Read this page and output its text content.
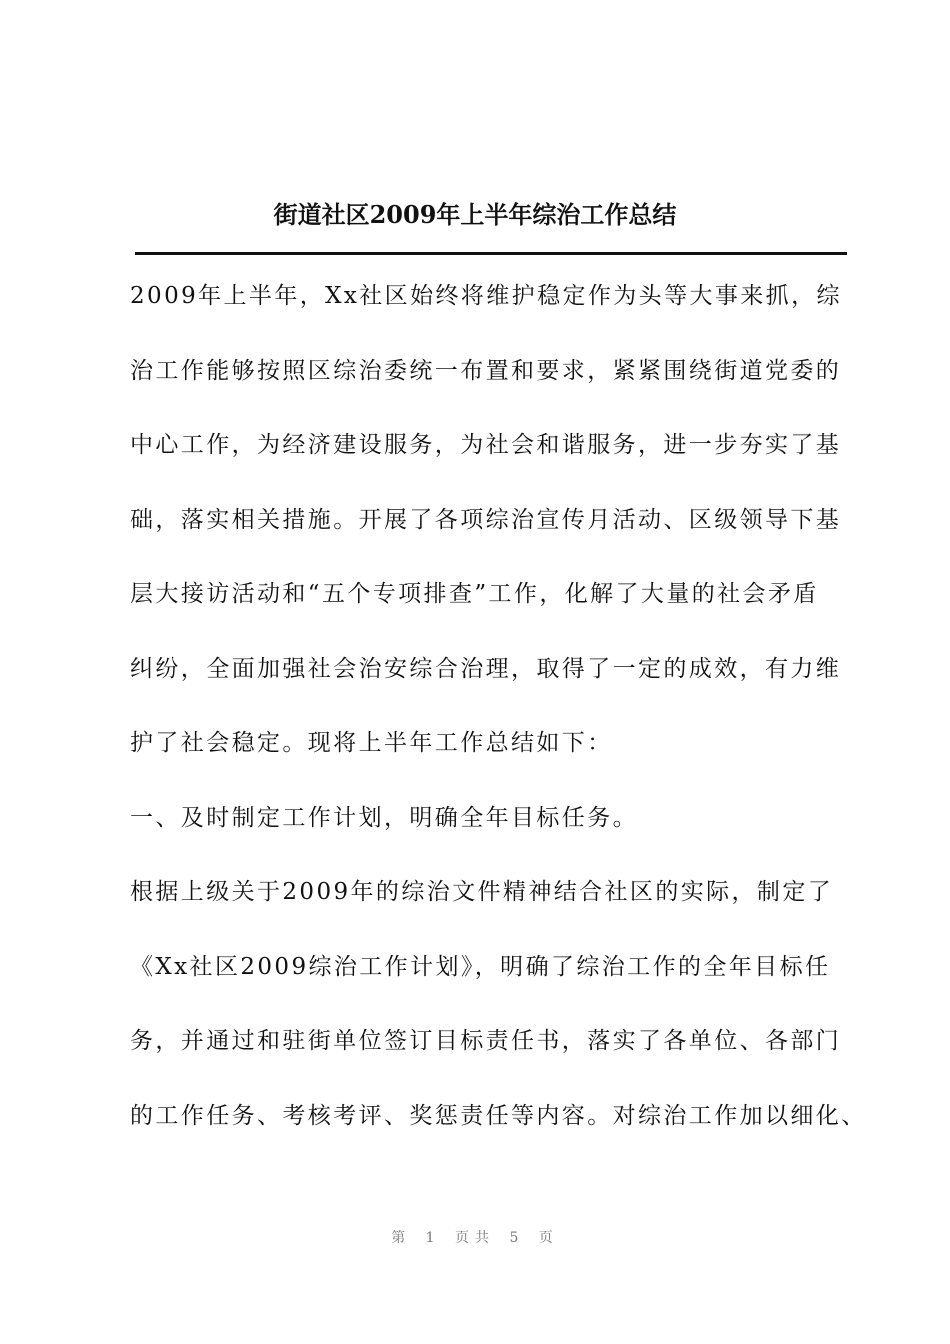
街道社区2009年上半年综治工作总结
2009年上半年，Xx社区始终将维护稳定作为头等大事来抓，综
治工作能够按照区综治委统一布置和要求，紧紧围绕街道党委的
中心工作，为经济建设服务，为社会和谐服务，进一步夯实了基
础，落实相关措施。开展了各项综治宣传月活动、区级领导下基
层大接访活动和“五个专项排查”工作，化解了大量的社会矛盾
纠纷，全面加强社会治安综合治理，取得了一定的成效，有力维
护了社会稳定。现将上半年工作总结如下：
一、及时制定工作计划，明确全年目标任务。
根据上级关于2009年的综治文件精神结合社区的实际，制定了
《Xx社区2009综治工作计划》，明确了综治工作的全年目标任
务，并通过和驻街单位签订目标责任书，落实了各单位、各部门
的工作任务、考核考评、奖惩责任等内容。对综治工作加以细化、
第 1 页共 5 页
